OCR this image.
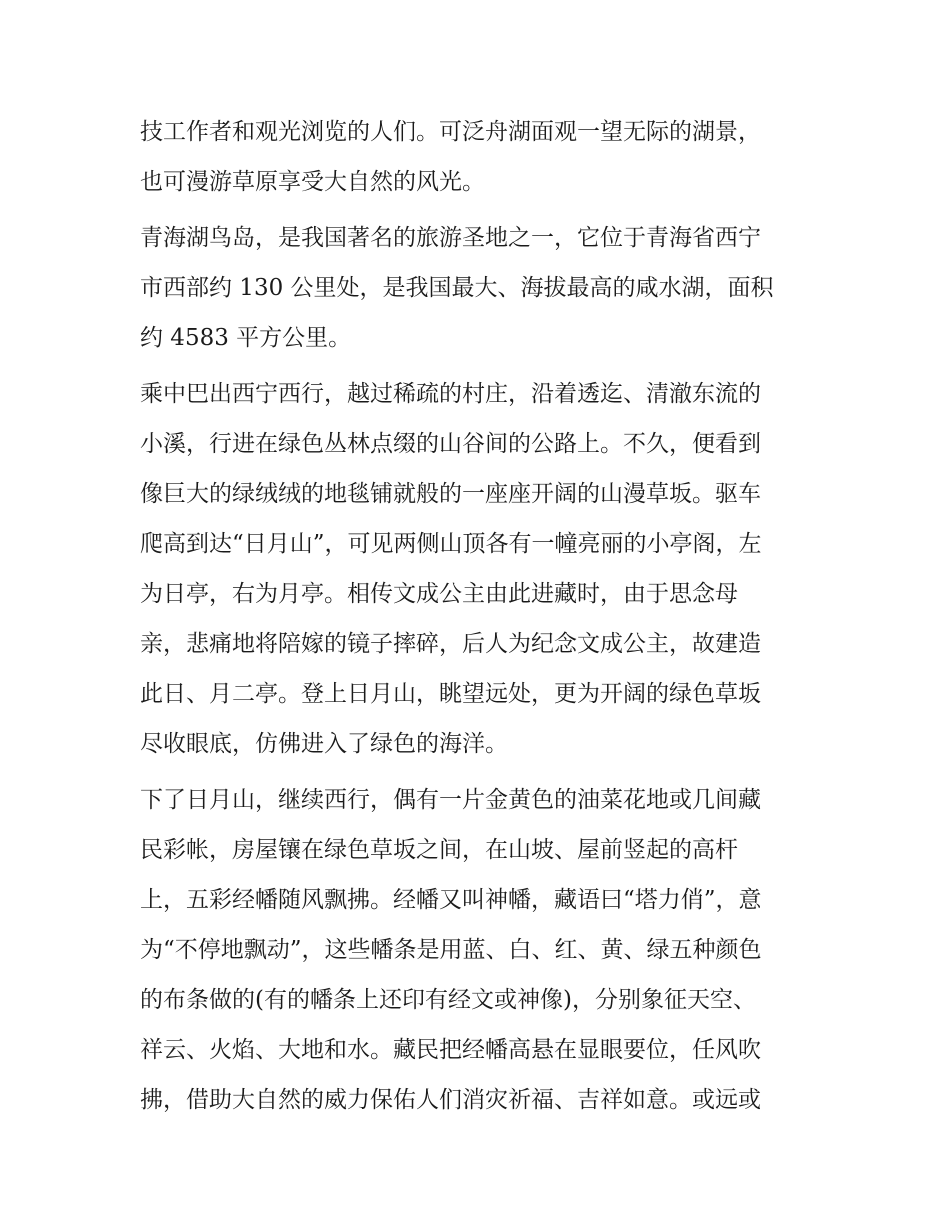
技工作者和观光浏览的人们。可泛舟湖面观一望无际的湖景，
也可漫游草原享受大自然的风光。
青海湖鸟岛，是我国著名的旅游圣地之一，它位于青海省西宁
市西部约 130 公里处，是我国最大、海拔最高的咸水湖，面积
约 4583 平方公里。
乘中巴出西宁西行，越过稀疏的村庄，沿着透迄、清澈东流的
小溪，行进在绿色丛林点缀的山谷间的公路上。不久，便看到
像巨大的绿绒绒的地毯铺就般的一座座开阔的山漫草坂。驱车
爬高到达“日月山”，可见两侧山顶各有一幢亮丽的小亭阁，左
为日亭，右为月亭。相传文成公主由此进藏时，由于思念母
亲，悲痛地将陪嫁的镜子摔碎，后人为纪念文成公主，故建造
此日、月二亭。登上日月山，眺望远处，更为开阔的绿色草坂
尽收眼底，仿佛进入了绿色的海洋。
下了日月山，继续西行，偶有一片金黄色的油菜花地或几间藏
民彩帐，房屋镶在绿色草坂之间，在山坡、屋前竖起的高杆
上，五彩经幡随风飘拂。经幡又叫神幡，藏语曰“塔力俏”，意
为“不停地飘动”，这些幡条是用蓝、白、红、黄、绿五种颜色
的布条做的(有的幡条上还印有经文或神像)，分别象征天空、
祥云、火焰、大地和水。藏民把经幡高悬在显眼要位，任风吹
拂，借助大自然的威力保佑人们消灾祈福、吉祥如意。或远或
